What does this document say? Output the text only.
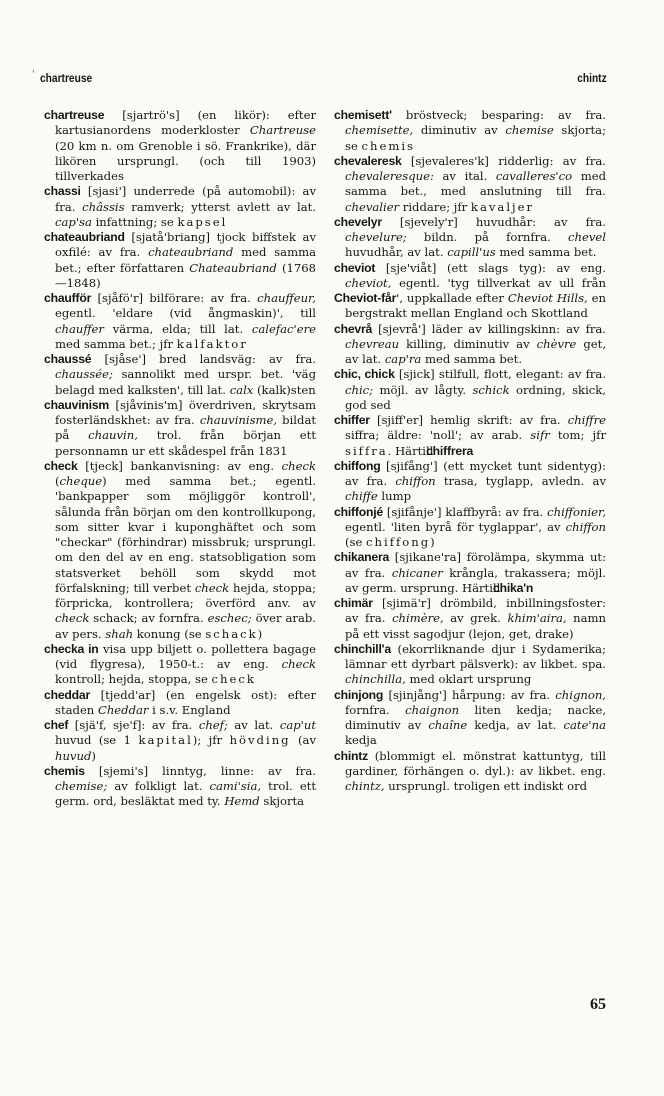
' chartreuse	chintz
chartreuse [sjartrö's] (en likör): efter kartusianordens moderkloster Chartreuse (20 km n. om Grenoble i sö. Frankrike), där likören ursprungl. (och till 1903) tillverkades
chassi [sjasi'] underrede (på automobil): av fra. châssis ramverk; ytterst avlett av lat. cap'sa infattning; se kapsel
chateaubriand [sjatå'briang] tjock biffstek av oxfilé: av fra. chateaubriand med samma bet.; efter författaren Chateaubriand (1768—1848)
chaufför [sjåfö'r] bilförare: av fra. chauffeur, egentl. 'eldare (vid ångmaskin)', till chauffer värma, elda; till lat. calefac'ere med samma bet.; jfr kalfaktor
chaussé [sjåse'] bred landsväg: av fra. chaussée; sannolikt med urspr. bet. 'väg belagd med kalksten', till lat. calx (kalk)sten
chauvinism [sjåvinis'm] överdriven, skrytsam fosterländskhet: av fra. chauvinisme, bildat på chauvin, trol. från början ett personnamn ur ett skådespel från 1831
check [tjeck] bankanvisning: av eng. check (cheque) med samma bet.; egentl. 'bankpapper som möjliggör kontroll', sålunda från början om den kontrollkupong, som sitter kvar i kuponghäftet och som "checkar" (förhindrar) missbruk; ursprungl. om den del av en eng. statsobligation som statsverket behöll som skydd mot förfalskning; till verbet check hejda, stoppa; förpricka, kontrollera; överförd anv. av check schack; av fornfra. eschec; över arab. av pers. shah konung (se schack)
checka in visa upp biljett o. pollettera bagage (vid flygresa), 1950-t.: av eng. check kontroll; hejda, stoppa, se check
cheddar [tjedd'ar] (en engelsk ost): efter staden Cheddar i s.v. England
chef [sjä'f, sje'f]: av fra. chef; av lat. cap'ut huvud (se 1 kapital); jfr hövding (av huvud)
chemis [sjemi's] linntyg, linne: av fra. chemise; av folkligt lat. cami'sia, trol. ett germ. ord, besläktat med ty. Hemd skjorta
chemisett' bröstveck; besparing: av fra. chemisette, diminutiv av chemise skjorta; se chemis
chevaleresk [sjevaleres'k] ridderlig: av fra. chevaleresque: av ital. cavalleres'co med samma bet., med anslutning till fra. chevalier riddare; jfr kavaljer
chevelyr [sjevely'r] huvudhår: av fra. chevelure; bildn. på fornfra. chevel huvudhår, av lat. capill'us med samma bet.
cheviot [sje'viåt] (ett slags tyg): av eng. cheviot, egentl. 'tyg tillverkat av ull från Cheviot-får', uppkallade efter Cheviot Hills, en bergstrakt mellan England och Skottland
chevrå [sjevrå'] läder av killingskinn: av fra. chevreau killing, diminutiv av chèvre get, av lat. cap'ra med samma bet.
chic, chick [sjick] stilfull, flott, elegant: av fra. chic; möjl. av lågty. schick ordning, skick, god sed
chiffer [sjiff'er] hemlig skrift: av fra. chiffre siffra; äldre: 'noll'; av arab. sifr tom; jfr siffra. Härtill chiffrera
chiffong [sjifång'] (ett mycket tunt sidentyg): av fra. chiffon trasa, tyglapp, avledn. av chiffe lump
chiffonjé [sjifånje'] klaffbyrå: av fra. chiffonier, egentl. 'liten byrå för tyglappar', av chiffon (se chiffong)
chikanera [sjikane'ra] förolämpa, skymma ut: av fra. chicaner krångla, trakassera; möjl. av germ. ursprung. Härtill chika'n
chimär [sjimä'r] drömbild, inbillningsfoster: av fra. chimère, av grek. khim'aira, namn på ett visst sagodjur (lejon, get, drake)
chinchill'a (ekorrliknande djur i Sydamerika; lämnar ett dyrbart pälsverk): av likbet. spa. chinchilla, med oklart ursprung
chinjong [sjinjång'] hårpung: av fra. chignon, fornfra. chaignon liten kedja; nacke, diminutiv av chaîne kedja, av lat. cate'na kedja
chintz (blommigt el. mönstrat kattuntyg, till gardiner, förhängen o. dyl.): av likbet. eng. chintz, ursprungl. troligen ett indiskt ord
65
